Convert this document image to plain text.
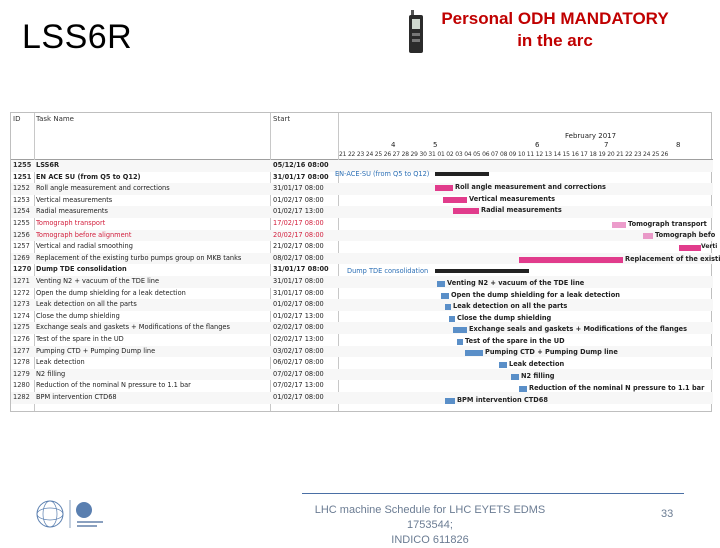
LSS6R	Personal ODH MANDATORY
in the arc
ID Task Name	Start
February 2017
4	5	6	7	8
21 22 23 24 25 26 27 28 29 30 31 01 02 03 04 05 06 07 08 09 10 11 12 13 14 15 16 17 18 19 20 21 22 23 24 25 26
1255 LSS6R	05/12/16 08:00
1251 EN ACE SU (from Q5 to Q12)	31/01/17 08:00
1252 Roll angle measurement and corrections	31/01/17 08:00
1253 Vertical measurements	01/02/17 08:00
1254 Radial measurements	01/02/17 13:00
1255 Tomograph transport	17/02/17 08:00
1256 Tomograph before alignment	20/02/17 08:00
1257 Vertical and radial smoothing	21/02/17 08:00
1269 Replacement of the existing turbo pumps group on MKB tanks	08/02/17 08:00
1270 Dump TDE consolidation	31/01/17 08:00
1271 Venting N2 + vacuum of the TDE line	31/01/17 08:00
1272 Open the dump shielding for a leak detection	31/01/17 08:00
1273 Leak detection on all the parts	01/02/17 08:00
1274 Close the dump shielding	01/02/17 13:00
1275 Exchange seals and gaskets + Modifications of the flanges	02/02/17 08:00
1276 Test of the spare in the UD	02/02/17 13:00
1277 Pumping CTD + Pumping Dump line	03/02/17 08:00
1278 Leak detection	06/02/17 08:00
1279 N2 filling	07/02/17 08:00
1280 Reduction of the nominal N pressure to 1.1 bar	07/02/17 13:00
1282 BPM intervention CTD68	01/02/17 08:00
EN-ACE-SU (from Q5 to Q12)
Roll angle measurement and corrections
Vertical measurements
Radial measurements
Tomograph transport
Tomograph befo
Verti
Replacement of the existi
Dump TDE consolidation
Venting N2 + vacuum of the TDE line
Open the dump shielding for a leak detection
Leak detection on all the parts
Close the dump shielding
Exchange seals and gaskets + Modifications of the flanges
Test of the spare in the UD
Pumping CTD + Pumping Dump line
Leak detection
N2 filling
Reduction of the nominal N pressure to 1.1 bar
BPM intervention CTD68
LHC machine Schedule for LHC EYETS EDMS 1753544;
INDICO 611826
33
